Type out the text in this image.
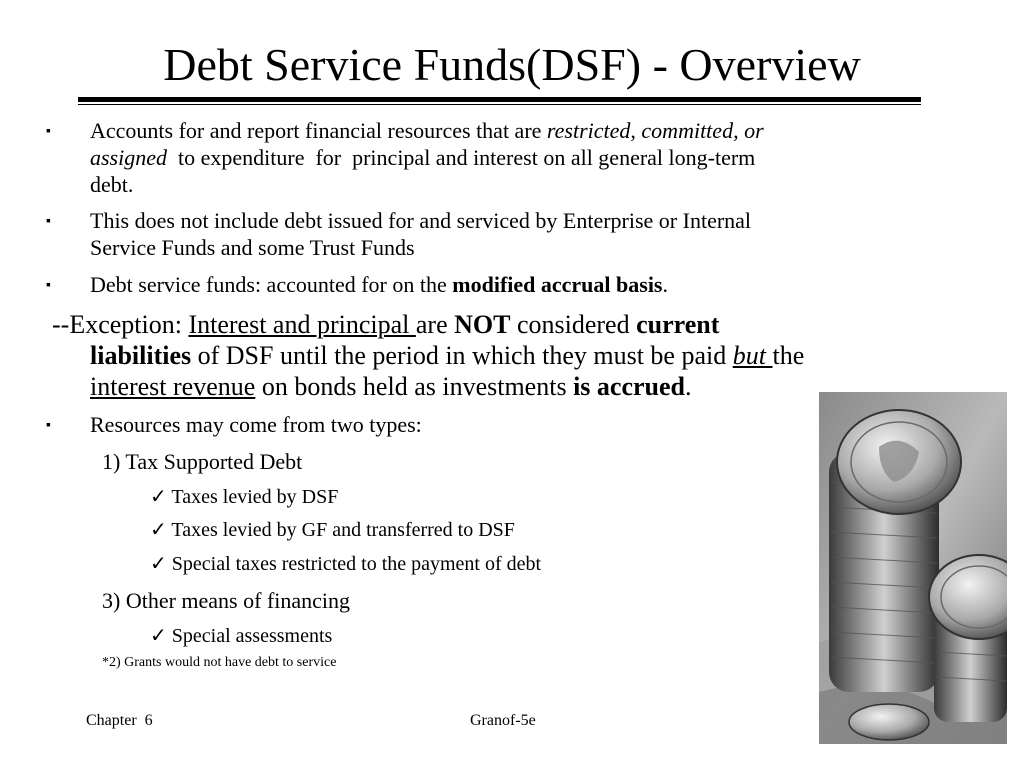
Debt Service Funds(DSF) - Overview
▪ Accounts for and report financial resources that are restricted, committed, or
assigned  to expenditure  for  principal and interest on all general long-term
debt.
▪ This does not include debt issued for and serviced by Enterprise or Internal
Service Funds and some Trust Funds
▪ Debt service funds: accounted for on the modified accrual basis.
--Exception: Interest and principal are NOT considered current
liabilities of DSF until the period in which they must be paid but the
interest revenue on bonds held as investments is accrued.
▪ Resources may come from two types:
1) Tax Supported Debt
✓ Taxes levied by DSF
✓ Taxes levied by GF and transferred to DSF
✓ Special taxes restricted to the payment of debt
3) Other means of financing
✓ Special assessments
*2) Grants would not have debt to service
Chapter  6	Granof-5e
